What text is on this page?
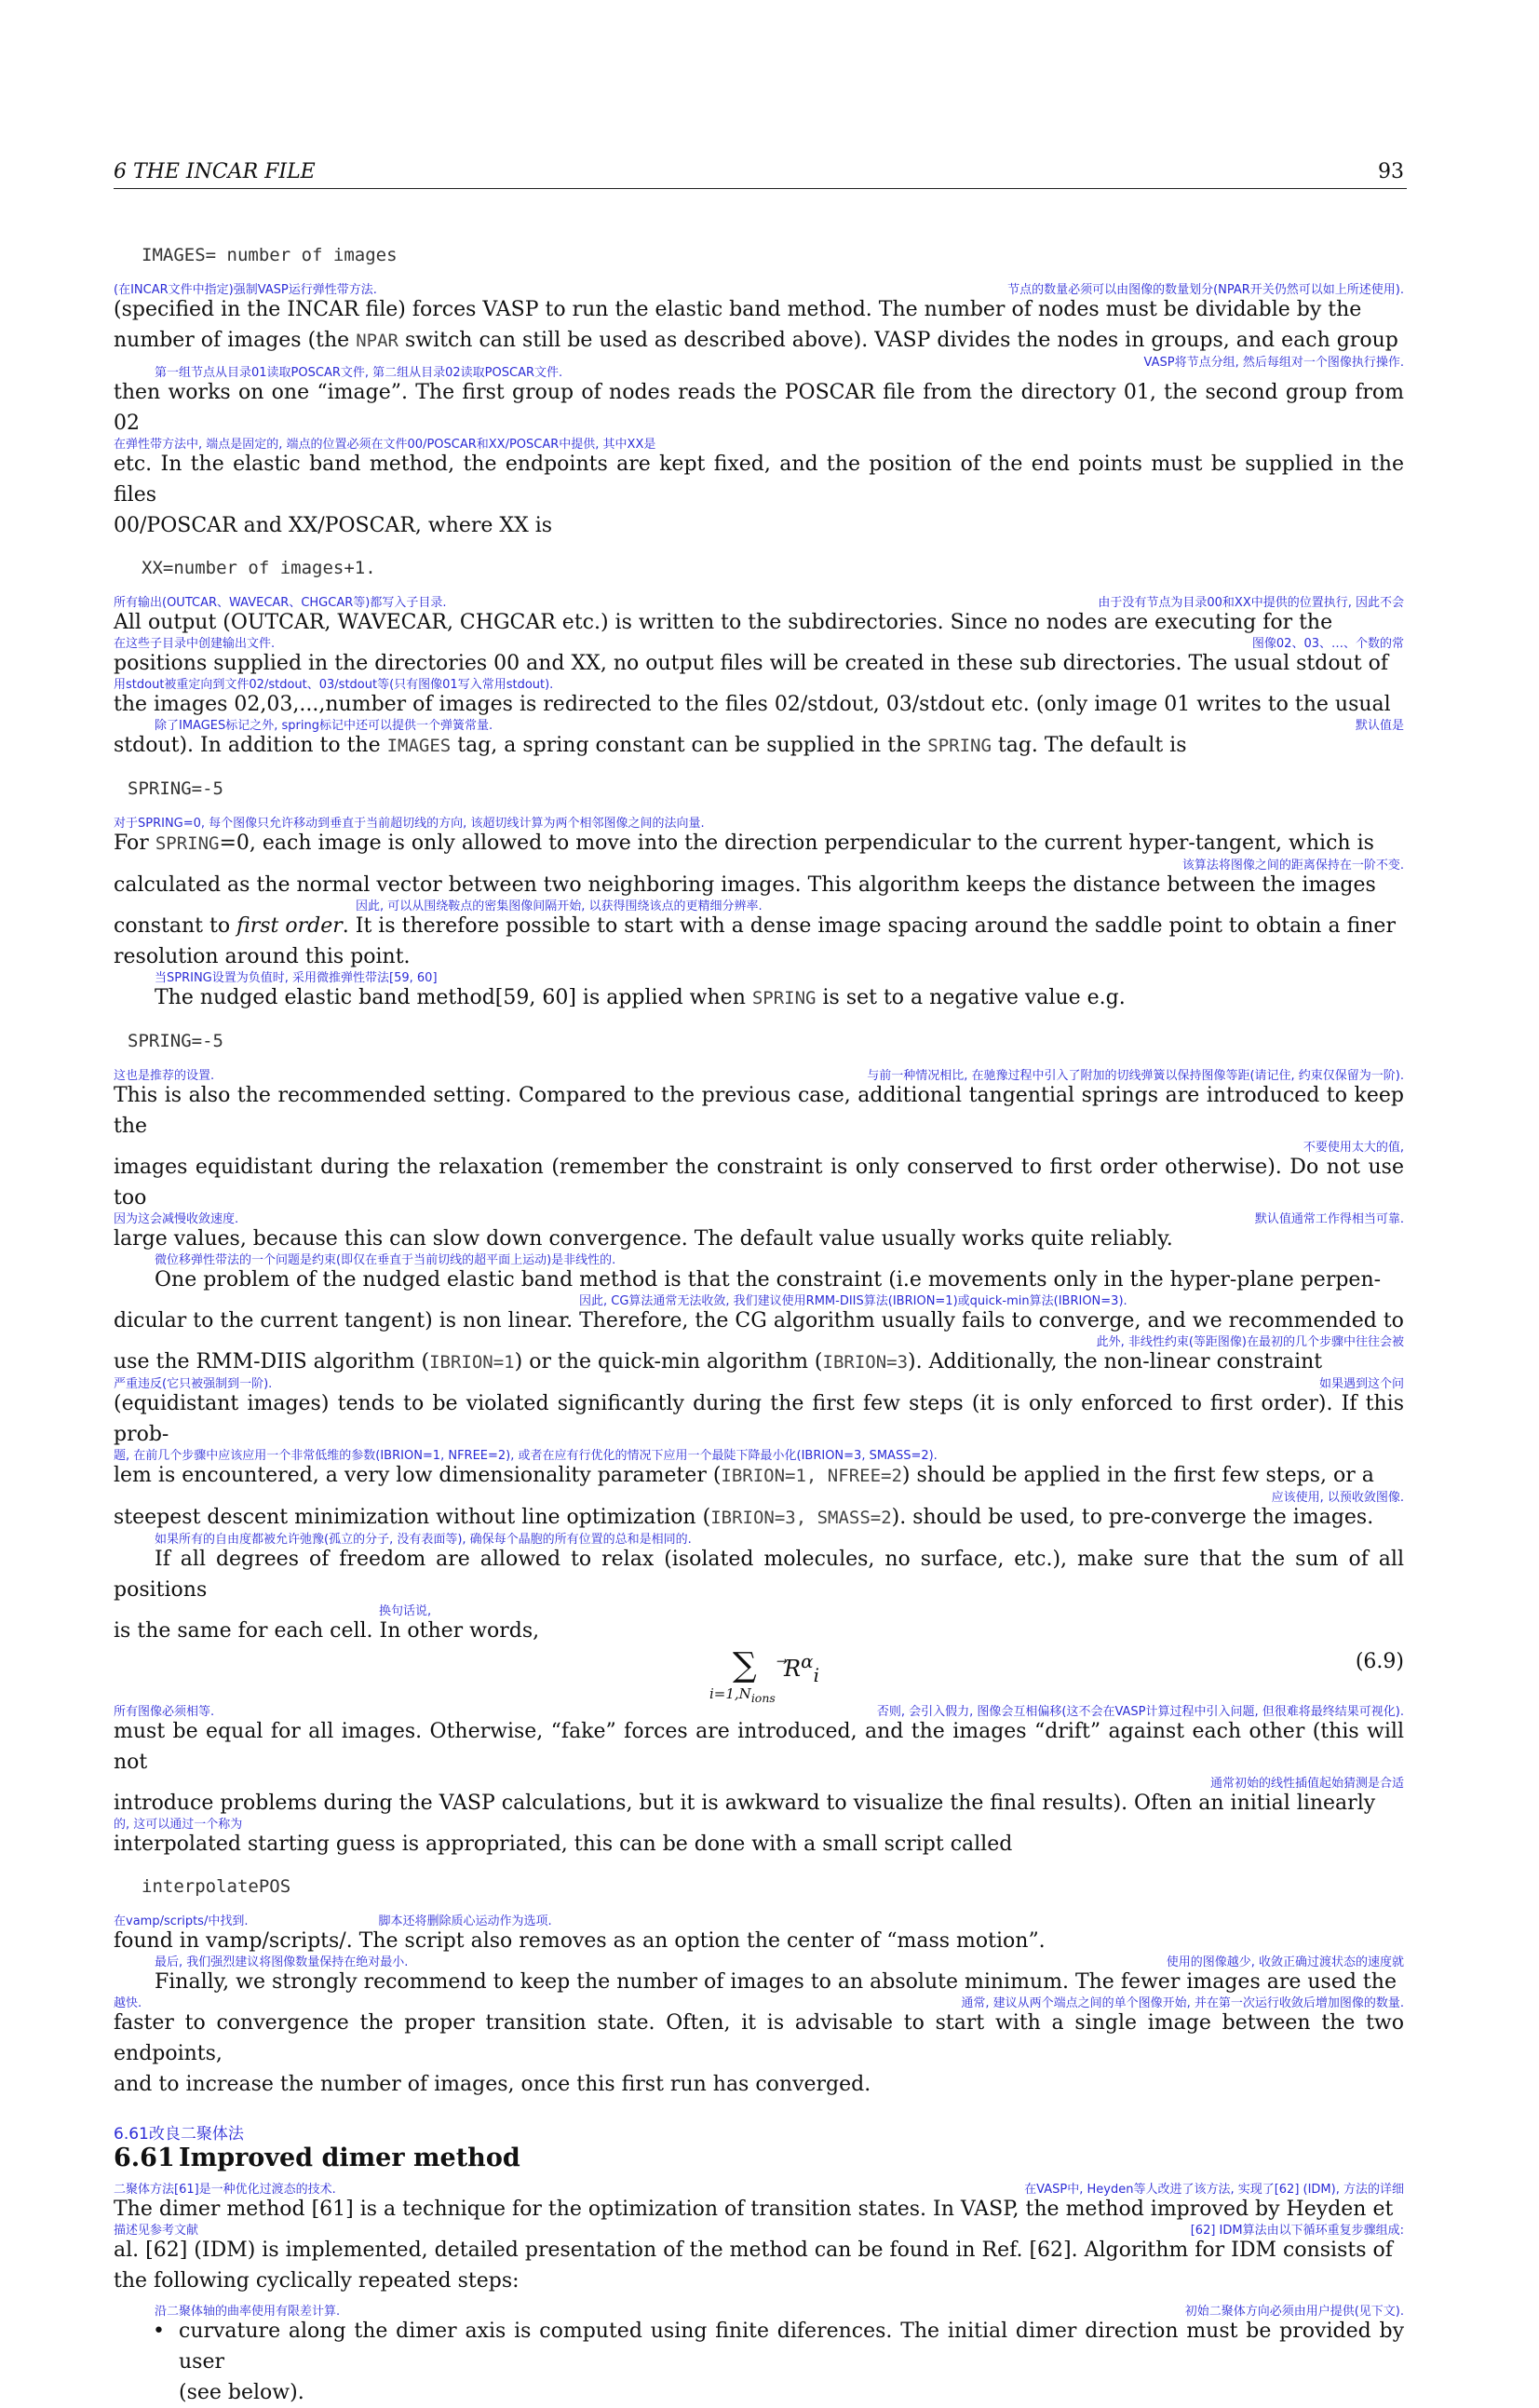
6 THE INCAR FILE	93
IMAGES= number of images
(在INCAR文件中指定)强制VASP运行弹性带方法.	节点的数量必须可以由图像的数量划分(NPAR开关仍然可以如上所述使用).

(specified in the INCAR file) forces VASP to run the elastic band method. The number of nodes must be dividable by the

number of images (the NPAR switch can still be used as described above). VASP divides the nodes in groups, and each group

VASP将节点分组, 然后每组对一个图像执行操作.
第一组节点从目录01读取POSCAR文件, 第二组从目录02读取POSCAR文件.

then works on one “image”. The first group of nodes reads the POSCAR file from the directory 01, the second group from 02

在弹性带方法中, 端点是固定的, 端点的位置必须在文件00/POSCAR和XX/POSCAR中提供, 其中XX是

etc. In the elastic band method, the endpoints are kept fixed, and the position of the end points must be supplied in the files

00/POSCAR and XX/POSCAR, where XX is

XX=number of images+1.
所有输出(OUTCAR、WAVECAR、CHGCAR等)都写入子目录.	由于没有节点为目录00和XX中提供的位置执行, 因此不会

All output (OUTCAR, WAVECAR, CHGCAR etc.) is written to the subdirectories. Since no nodes are executing for the

在这些子目录中创建输出文件.	图像02、03、…、个数的常

positions supplied in the directories 00 and XX, no output files will be created in these sub directories. The usual stdout of

用stdout被重定向到文件02/stdout、03/stdout等(只有图像01写入常用stdout).

the images 02,03,...,number of images is redirected to the files 02/stdout, 03/stdout etc. (only image 01 writes to the usual

除了IMAGES标记之外, spring标记中还可以提供一个弹簧常量.	默认值是

stdout). In addition to the IMAGES tag, a spring constant can be supplied in the SPRING tag. The default is

SPRING=-5
对于SPRING=0, 每个图像只允许移动到垂直于当前超切线的方向, 该超切线计算为两个相邻图像之间的法向量.

For SPRING=0, each image is only allowed to move into the direction perpendicular to the current hyper-tangent, which is

该算法将图像之间的距离保持在一阶不变.

calculated as the normal vector between two neighboring images. This algorithm keeps the distance between the images

因此, 可以从围绕鞍点的密集图像间隔开始, 以获得围绕该点的更精细分辨率.

constant to first order. It is therefore possible to start with a dense image spacing around the saddle point to obtain a finer

resolution around this point.

当SPRING设置为负值时, 采用微推弹性带法[59, 60]

The nudged elastic band method[59, 60] is applied when SPRING is set to a negative value e.g.

SPRING=-5
这也是推荐的设置.	与前一种情况相比, 在驰豫过程中引入了附加的切线弹簧以保持图像等距(请记住, 约束仅保留为一阶).

This is also the recommended setting. Compared to the previous case, additional tangential springs are introduced to keep the

不要使用太大的值,

images equidistant during the relaxation (remember the constraint is only conserved to first order otherwise). Do not use too

因为这会减慢收敛速度.	默认值通常工作得相当可靠.

large values, because this can slow down convergence. The default value usually works quite reliably.

微位移弹性带法的一个问题是约束(即仅在垂直于当前切线的超平面上运动)是非线性的.

One problem of the nudged elastic band method is that the constraint (i.e movements only in the hyper-plane perpen-

因此, CG算法通常无法收敛, 我们建议使用RMM-DIIS算法(IBRION=1)或quick-min算法(IBRION=3).

dicular to the current tangent) is non linear. Therefore, the CG algorithm usually fails to converge, and we recommended to

此外, 非线性约束(等距图像)在最初的几个步骤中往往会被

use the RMM-DIIS algorithm (IBRION=1) or the quick-min algorithm (IBRION=3). Additionally, the non-linear constraint

严重违反(它只被强制到一阶).	如果遇到这个问

(equidistant images) tends to be violated significantly during the first few steps (it is only enforced to first order). If this prob-

题, 在前几个步骤中应该应用一个非常低维的参数(IBRION=1, NFREE=2), 或者在应有行优化的情况下应用一个最陡下降最小化(IBRION=3, SMASS=2).

lem is encountered, a very low dimensionality parameter (IBRION=1, NFREE=2) should be applied in the first few steps, or a

应该使用, 以预收敛图像.

steepest descent minimization without line optimization (IBRION=3, SMASS=2). should be used, to pre-converge the images.

如果所有的自由度都被允许弛豫(孤立的分子, 没有表面等), 确保每个晶胞的所有位置的总和是相同的.

If all degrees of freedom are allowed to relax (isolated molecules, no surface, etc.), make sure that the sum of all positions

换句话说,

is the same for each cell. In other words,

∑
$i=1,N_{ions}$
$R^\alpha_i$
(6.9)
所有图像必须相等.	否则, 会引入假力, 图像会互相偏移(这不会在VASP计算过程中引入问题, 但很难将最终结果可视化).

must be equal for all images. Otherwise, “fake” forces are introduced, and the images “drift” against each other (this will not

通常初始的线性插值起始猜测是合适

introduce problems during the VASP calculations, but it is awkward to visualize the final results). Often an initial linearly

的, 这可以通过一个称为

interpolated starting guess is appropriated, this can be done with a small script called

interpolatePOS
在vamp/scripts/中找到.	脚本还将删除质心运动作为选项.

found in vamp/scripts/. The script also removes as an option the center of “mass motion”.

最后, 我们强烈建议将图像数量保持在绝对最小.	使用的图像越少, 收敛正确过渡状态的速度就

Finally, we strongly recommend to keep the number of images to an absolute minimum. The fewer images are used the

越快.	通常, 建议从两个端点之间的单个图像开始, 并在第一次运行收敛后增加图像的数量.

faster to convergence the proper transition state. Often, it is advisable to start with a single image between the two endpoints,

and to increase the number of images, once this first run has converged.

6.61改良二聚体法
6.61 Improved dimer method
二聚体方法[61]是一种优化过渡态的技术.	在VASP中, Heyden等人改进了该方法, 实现了[62] (IDM), 方法的详细

The dimer method [61] is a technique for the optimization of transition states. In VASP, the method improved by Heyden et

描述见参考文献	[62] IDM算法由以下循环重复步骤组成:

al. [62] (IDM) is implemented, detailed presentation of the method can be found in Ref. [62]. Algorithm for IDM consists of

the following cyclically repeated steps:

沿二聚体轴的曲率使用有限差计算.	初始二聚体方向必须由用户提供(见下文).

• curvature along the dimer axis is computed using finite diferences. The initial dimer direction must be provided by user

(see below).
